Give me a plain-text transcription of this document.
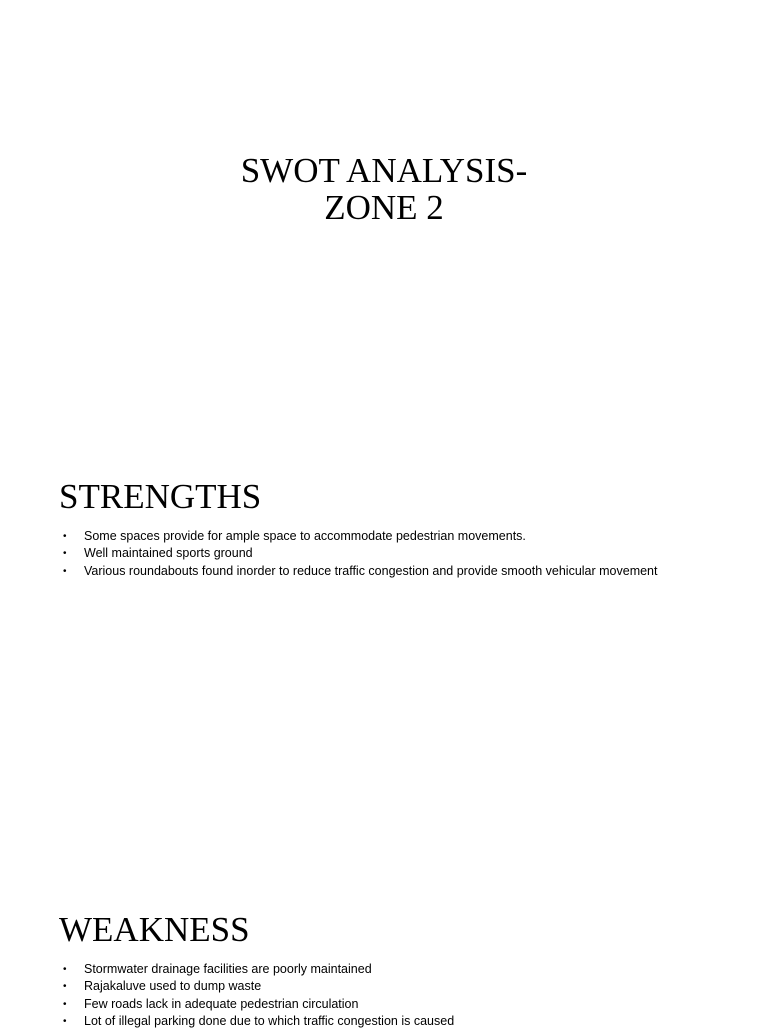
SWOT ANALYSIS-
ZONE 2
STRENGTHS
• Some spaces provide for ample space to accommodate pedestrian movements.
• Well maintained sports ground
• Various roundabouts found inorder to reduce traffic congestion and provide smooth vehicular movement
WEAKNESS
• Stormwater drainage facilities are poorly maintained
• Rajakaluve used to dump waste
• Few roads lack in adequate pedestrian circulation
• Lot of illegal parking done due to which traffic congestion is caused
